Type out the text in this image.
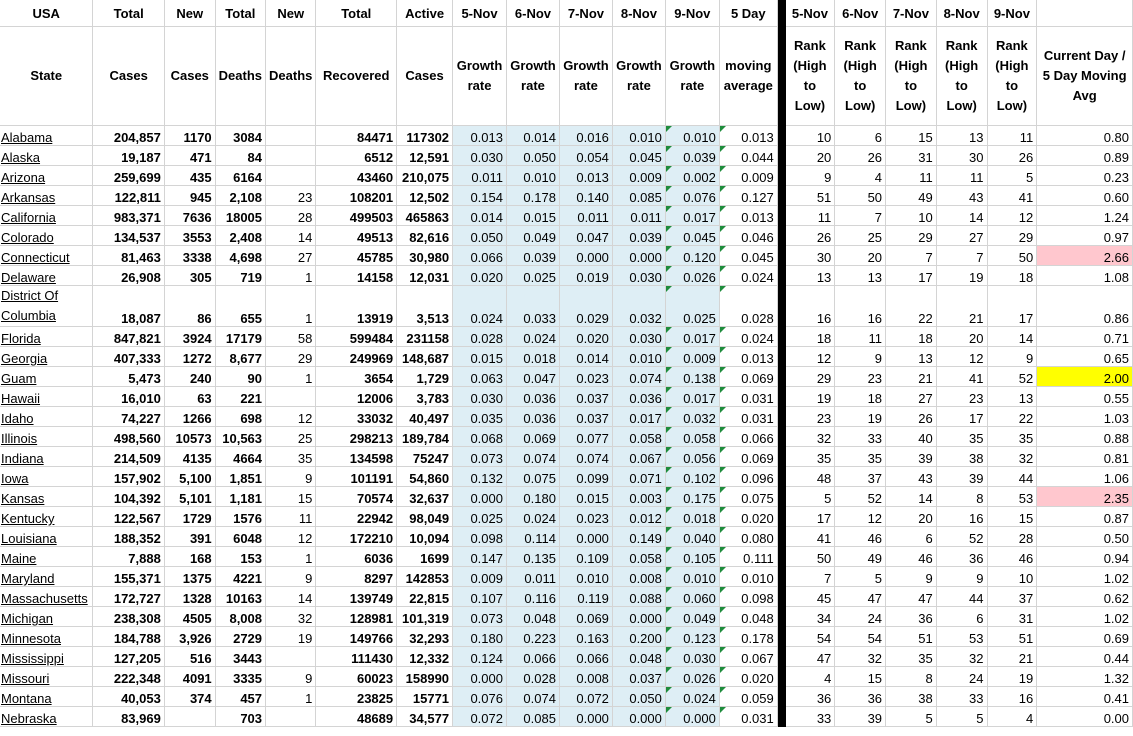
USA	Total	New	Total	New	Total	Active	5-Nov	6-Nov	7-Nov	8-Nov	9-Nov	5 Day		5-Nov	6-Nov	7-Nov	8-Nov	9-Nov	
State	Cases	Cases	Deaths	Deaths	Recovered	Cases	Growth rate	Growth rate	Growth rate	Growth rate	Growth rate	moving average		Rank (High to Low)	Rank (High to Low)	Rank (High to Low)	Rank (High to Low)	Rank (High to Low)	Current Day / 5 Day Moving Avg
Alabama	204,857	1170	3084		84471	117302	0.013	0.014	0.016	0.010	0.010	0.013		10	6	15	13	11	0.80
Alaska	19,187	471	84		6512	12,591	0.030	0.050	0.054	0.045	0.039	0.044		20	26	31	30	26	0.89
Arizona	259,699	435	6164		43460	210,075	0.011	0.010	0.013	0.009	0.002	0.009		9	4	11	11	5	0.23
Arkansas	122,811	945	2,108	23	108201	12,502	0.154	0.178	0.140	0.085	0.076	0.127		51	50	49	43	41	0.60
California	983,371	7636	18005	28	499503	465863	0.014	0.015	0.011	0.011	0.017	0.013		11	7	10	14	12	1.24
Colorado	134,537	3553	2,408	14	49513	82,616	0.050	0.049	0.047	0.039	0.045	0.046		26	25	29	27	29	0.97
Connecticut	81,463	3338	4,698	27	45785	30,980	0.066	0.039	0.000	0.000	0.120	0.045		30	20	7	7	50	2.66
Delaware	26,908	305	719	1	14158	12,031	0.020	0.025	0.019	0.030	0.026	0.024		13	13	17	19	18	1.08
District Of Columbia	18,087	86	655	1	13919	3,513	0.024	0.033	0.029	0.032	0.025	0.028		16	16	22	21	17	0.86
Florida	847,821	3924	17179	58	599484	231158	0.028	0.024	0.020	0.030	0.017	0.024		18	11	18	20	14	0.71
Georgia	407,333	1272	8,677	29	249969	148,687	0.015	0.018	0.014	0.010	0.009	0.013		12	9	13	12	9	0.65
Guam	5,473	240	90	1	3654	1,729	0.063	0.047	0.023	0.074	0.138	0.069		29	23	21	41	52	2.00
Hawaii	16,010	63	221		12006	3,783	0.030	0.036	0.037	0.036	0.017	0.031		19	18	27	23	13	0.55
Idaho	74,227	1266	698	12	33032	40,497	0.035	0.036	0.037	0.017	0.032	0.031		23	19	26	17	22	1.03
Illinois	498,560	10573	10,563	25	298213	189,784	0.068	0.069	0.077	0.058	0.058	0.066		32	33	40	35	35	0.88
Indiana	214,509	4135	4664	35	134598	75247	0.073	0.074	0.074	0.067	0.056	0.069		35	35	39	38	32	0.81
Iowa	157,902	5,100	1,851	9	101191	54,860	0.132	0.075	0.099	0.071	0.102	0.096		48	37	43	39	44	1.06
Kansas	104,392	5,101	1,181	15	70574	32,637	0.000	0.180	0.015	0.003	0.175	0.075		5	52	14	8	53	2.35
Kentucky	122,567	1729	1576	11	22942	98,049	0.025	0.024	0.023	0.012	0.018	0.020		17	12	20	16	15	0.87
Louisiana	188,352	391	6048	12	172210	10,094	0.098	0.114	0.000	0.149	0.040	0.080		41	46	6	52	28	0.50
Maine	7,888	168	153	1	6036	1699	0.147	0.135	0.109	0.058	0.105	0.111		50	49	46	36	46	0.94
Maryland	155,371	1375	4221	9	8297	142853	0.009	0.011	0.010	0.008	0.010	0.010		7	5	9	9	10	1.02
Massachusetts	172,727	1328	10163	14	139749	22,815	0.107	0.116	0.119	0.088	0.060	0.098		45	47	47	44	37	0.62
Michigan	238,308	4505	8,008	32	128981	101,319	0.073	0.048	0.069	0.000	0.049	0.048		34	24	36	6	31	1.02
Minnesota	184,788	3,926	2729	19	149766	32,293	0.180	0.223	0.163	0.200	0.123	0.178		54	54	51	53	51	0.69
Mississippi	127,205	516	3443		111430	12,332	0.124	0.066	0.066	0.048	0.030	0.067		47	32	35	32	21	0.44
Missouri	222,348	4091	3335	9	60023	158990	0.000	0.028	0.008	0.037	0.026	0.020		4	15	8	24	19	1.32
Montana	40,053	374	457	1	23825	15771	0.076	0.074	0.072	0.050	0.024	0.059		36	36	38	33	16	0.41
Nebraska	83,969		703		48689	34,577	0.072	0.085	0.000	0.000	0.000	0.031		33	39	5	5	4	0.00
